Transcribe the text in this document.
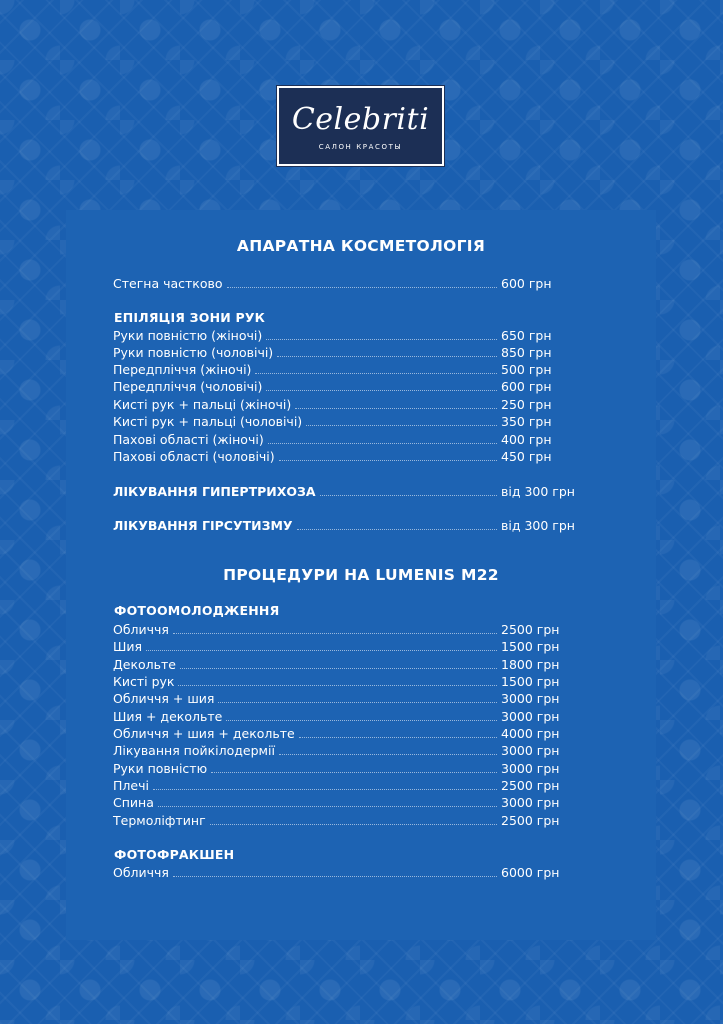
Celebriti
САЛОН КРАСОТЫ
АПАРАТНА КОСМЕТОЛОГІЯ
Стегна частково	600 грн
ЕПІЛЯЦІЯ ЗОНИ РУК
Руки повністю (жіночі)	650 грн
Руки повністю (чоловічі)	850 грн
Передпліччя (жіночі)	500 грн
Передпліччя (чоловічі)	600 грн
Кисті рук + пальці (жіночі)	250 грн
Кисті рук + пальці (чоловічі)	350 грн
Пахові області (жіночі)	400 грн
Пахові області (чоловічі)	450 грн
ЛІКУВАННЯ ГИПЕРТРИХОЗА	від 300 грн
ЛІКУВАННЯ ГІРСУТИЗМУ	від 300 грн
ПРОЦЕДУРИ НА LUMENIS M22
ФОТООМОЛОДЖЕННЯ
Обличчя	2500 грн
Шия	1500 грн
Декольте	1800 грн
Кисті рук	1500 грн
Обличчя + шия	3000 грн
Шия + декольте	3000 грн
Обличчя + шия + декольте	4000 грн
Лікування пойкілодермії	3000 грн
Руки повністю	3000 грн
Плечі	2500 грн
Спина	3000 грн
Термоліфтинг	2500 грн
ФОТОФРАКШЕН
Обличчя	6000 грн
